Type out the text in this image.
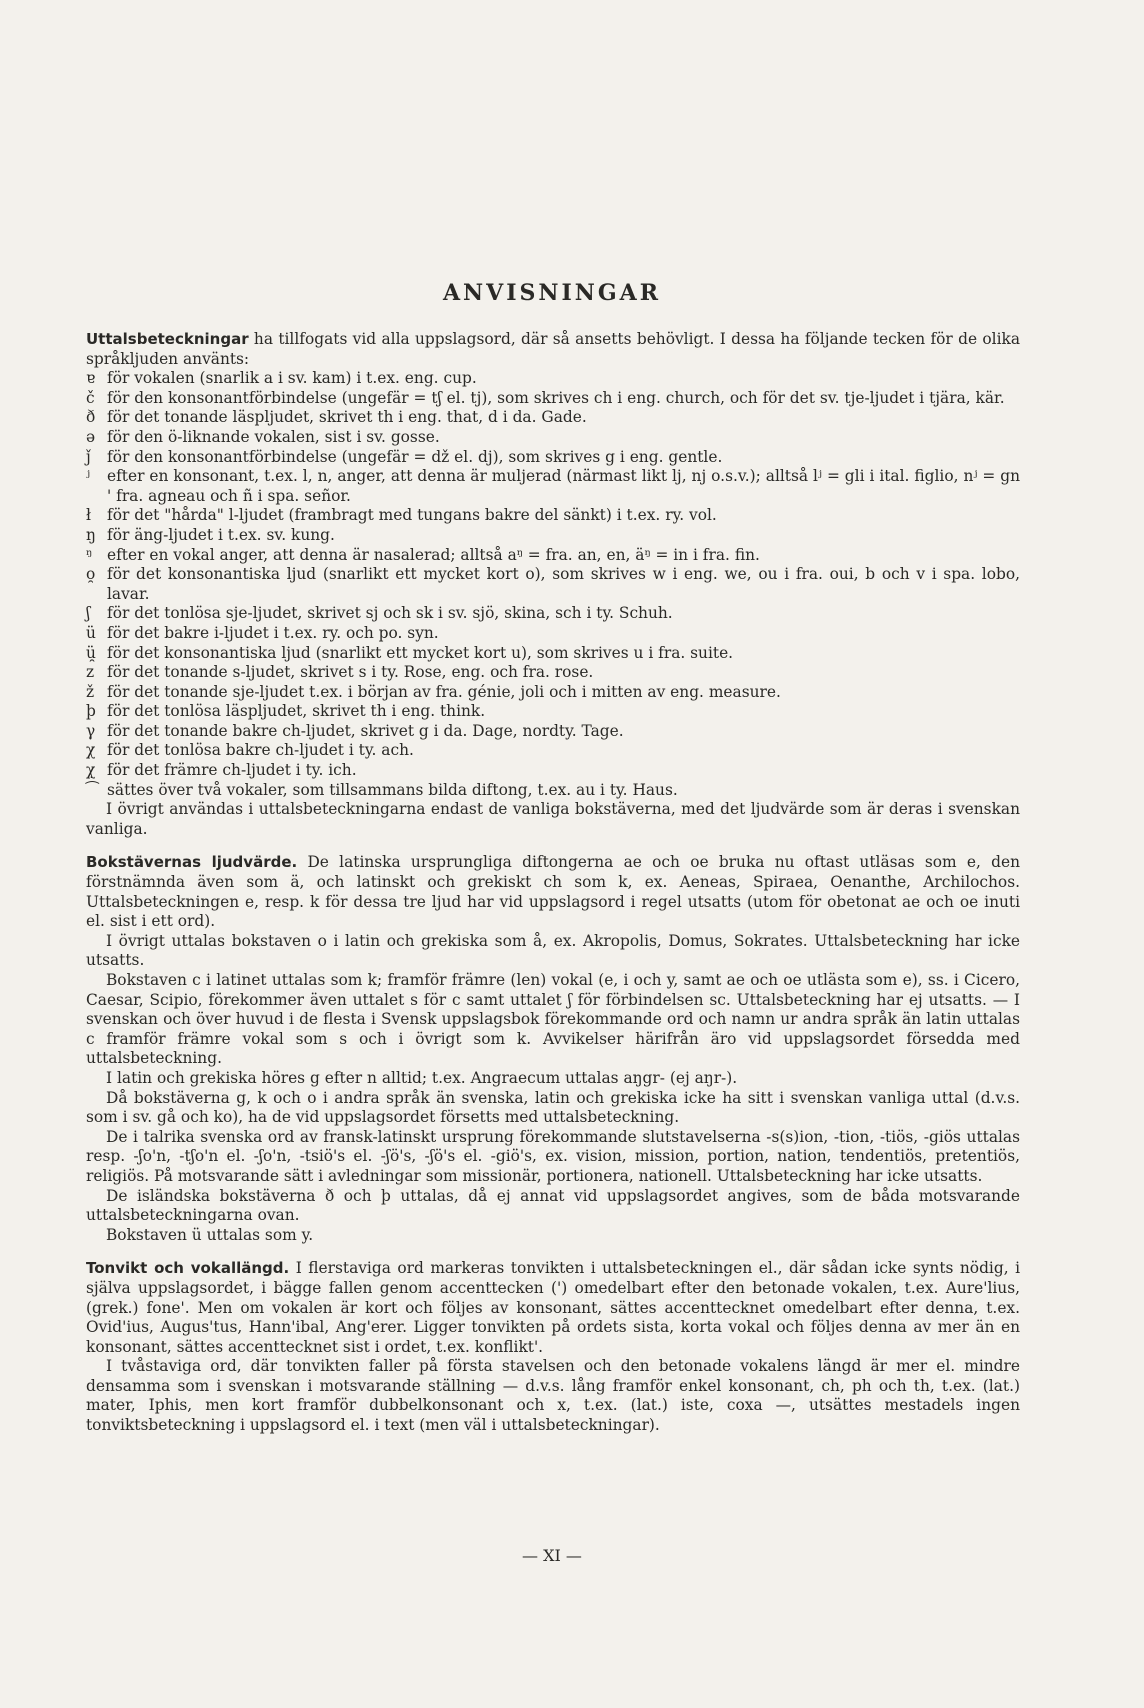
ANVISNINGAR

Uttalsbeteckningar ha tillfogats vid alla uppslagsord, där så ansetts behövligt. I dessa ha följande tecken för de olika språkljuden använts:

ɐ för vokalen (snarlik a i sv. kam) i t.ex. eng. cup.
č för den konsonantförbindelse (ungefär = tʃ el. tj), som skrives ch i eng. church, och för det sv. tje-ljudet i tjära, kär.
ð för det tonande läspljudet, skrivet th i eng. that, d i da. Gade.
ə för den ö-liknande vokalen, sist i sv. gosse.
ǰ	för den konsonantförbindelse (ungefär = dž el. dj), som skrives g i eng. gentle.
ʲ	efter en konsonant, t.ex. l, n, anger, att denna är muljerad (närmast likt lj, nj o.s.v.); alltså lʲ = gli i ital. figlio, nʲ = gn ' fra. agneau och ñ i spa. señor.
ł	för det "hårda" l-ljudet (frambragt med tungans bakre del sänkt) i t.ex. ry. vol.
ŋ för äng-ljudet i t.ex. sv. kung.
ᵑ efter en vokal anger, att denna är nasalerad; alltså aᵑ = fra. an, en, äᵑ = in i fra. fin.
o̯ för det konsonantiska ljud (snarlikt ett mycket kort o), som skrives w i eng. we, ou i fra. oui, b och v i spa. lobo, lavar.
ʃ	för det tonlösa sje-ljudet, skrivet sj och sk i sv. sjö, skina, sch i ty. Schuh.
ü för det bakre i-ljudet i t.ex. ry. och po. syn.
ü̯ för det konsonantiska ljud (snarlikt ett mycket kort u), som skrives u i fra. suite.
z för det tonande s-ljudet, skrivet s i ty. Rose, eng. och fra. rose.
ž för det tonande sje-ljudet t.ex. i början av fra. génie, joli och i mitten av eng. measure.
þ för det tonlösa läspljudet, skrivet th i eng. think.
γ för det tonande bakre ch-ljudet, skrivet g i da. Dage, nordty. Tage.
χ för det tonlösa bakre ch-ljudet i ty. ach.
χ̣ för det främre ch-ljudet i ty. ich.
⁀ sättes över två vokaler, som tillsammans bilda diftong, t.ex. au i ty. Haus.

I övrigt användas i uttalsbeteckningarna endast de vanliga bokstäverna, med det ljudvärde som är deras i svenskan vanliga.

Bokstävernas ljudvärde. De latinska ursprungliga diftongerna ae och oe bruka nu oftast utläsas som e, den förstnämnda även som ä, och latinskt och grekiskt ch som k, ex. Aeneas, Spiraea, Oenanthe, Archilochos. Uttalsbeteckningen e, resp. k för dessa tre ljud har vid uppslagsord i regel utsatts (utom för obetonat ae och oe inuti el. sist i ett ord).

I övrigt uttalas bokstaven o i latin och grekiska som å, ex. Akropolis, Domus, Sokrates. Uttalsbeteckning har icke utsatts.

Bokstaven c i latinet uttalas som k; framför främre (len) vokal (e, i och y, samt ae och oe utlästa som e), ss. i Cicero, Caesar, Scipio, förekommer även uttalet s för c samt uttalet ʃ för förbindelsen sc. Uttalsbeteckning har ej utsatts. — I svenskan och över huvud i de flesta i Svensk uppslagsbok förekommande ord och namn ur andra språk än latin uttalas c framför främre vokal som s och i övrigt som k. Avvikelser härifrån äro vid uppslagsordet försedda med uttalsbeteckning.

I latin och grekiska höres g efter n alltid; t.ex. Angraecum uttalas aŋgr- (ej aŋr-).

Då bokstäverna g, k och o i andra språk än svenska, latin och grekiska icke ha sitt i svenskan vanliga uttal (d.v.s. som i sv. gå och ko), ha de vid uppslagsordet försetts med uttalsbeteckning.

De i talrika svenska ord av fransk-latinskt ursprung förekommande slutstavelserna -s(s)ion, -tion, -tiös, -giös uttalas resp. -ʃo'n, -tʃo'n el. -ʃo'n, -tsiö's el. -ʃö's, -ʃö's el. -giö's, ex. vision, mission, portion, nation, tendentiös, pretentiös, religiös. På motsvarande sätt i avledningar som missionär, portionera, nationell. Uttalsbeteckning har icke utsatts.

De isländska bokstäverna ð och þ uttalas, då ej annat vid uppslagsordet angives, som de båda motsvarande uttalsbeteckningarna ovan.

Bokstaven ü uttalas som y.

Tonvikt och vokallängd. I flerstaviga ord markeras tonvikten i uttalsbeteckningen el., där sådan icke synts nödig, i själva uppslagsordet, i bägge fallen genom accenttecken (') omedelbart efter den betonade vokalen, t.ex. Aure'lius, (grek.) fone'. Men om vokalen är kort och följes av konsonant, sättes accenttecknet omedelbart efter denna, t.ex. Ovid'ius, Augus'tus, Hann'ibal, Ang'erer. Ligger tonvikten på ordets sista, korta vokal och följes denna av mer än en konsonant, sättes accenttecknet sist i ordet, t.ex. konflikt'.

I tvåstaviga ord, där tonvikten faller på första stavelsen och den betonade vokalens längd är mer el. mindre densamma som i svenskan i motsvarande ställning — d.v.s. lång framför enkel konsonant, ch, ph och th, t.ex. (lat.) mater, Iphis, men kort framför dubbelkonsonant och x, t.ex. (lat.) iste, coxa —, utsättes mestadels ingen tonviktsbeteckning i uppslagsord el. i text (men väl i uttalsbeteckningar).

— XI —
